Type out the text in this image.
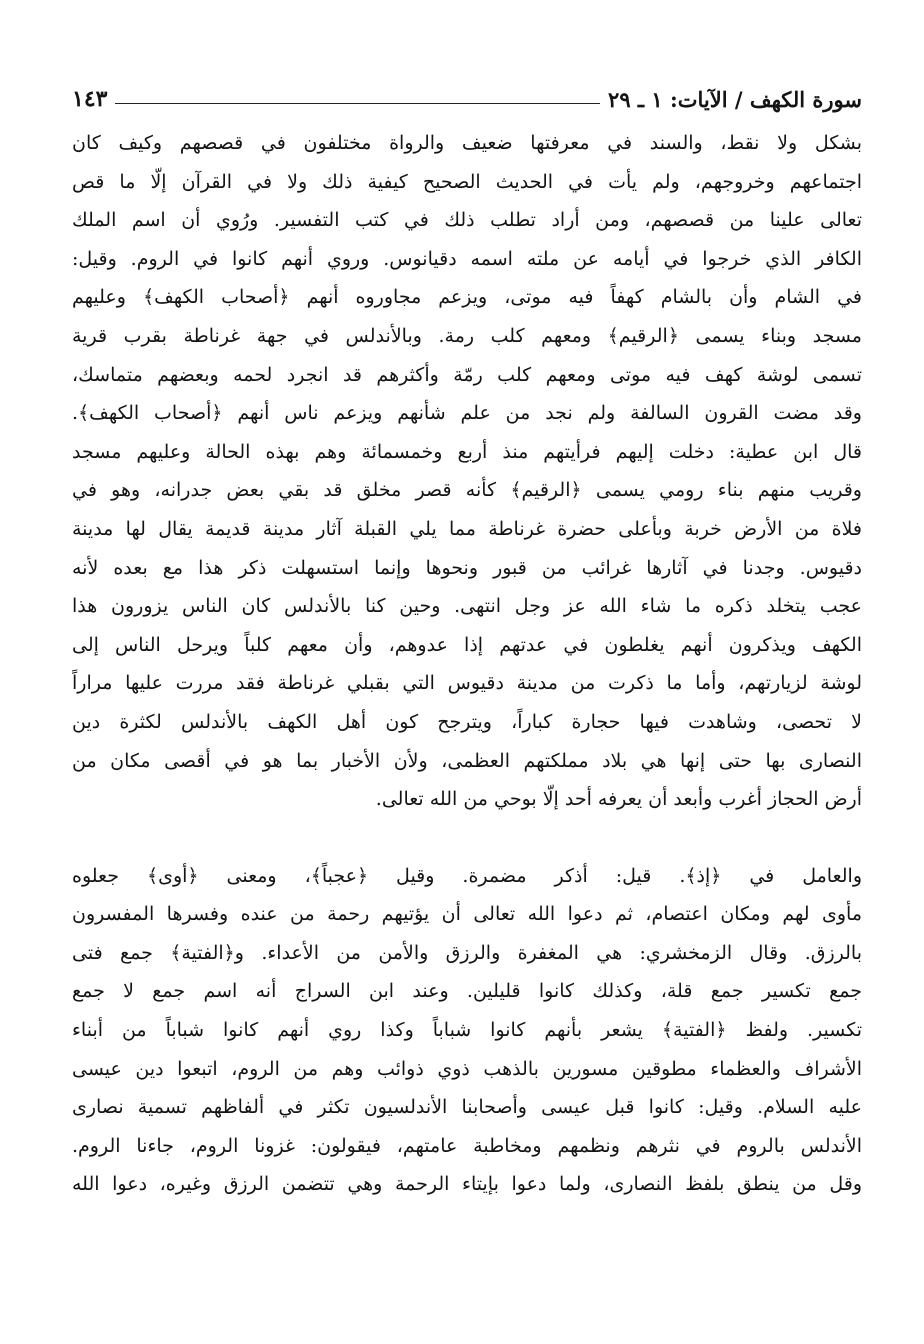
سورة الكهف / الآيات: ١ ـ ٢٩
١٤٣
بشكل ولا نقط، والسند في معرفتها ضعيف والرواة مختلفون في قصصهم وكيف كان
اجتماعهم وخروجهم، ولم يأت في الحديث الصحيح كيفية ذلك ولا في القرآن إلّا ما قص
تعالى علينا من قصصهم، ومن أراد تطلب ذلك في كتب التفسير. ورُوي أن اسم الملك
الكافر الذي خرجوا في أيامه عن ملته اسمه دقيانوس. وروي أنهم كانوا في الروم. وقيل:
في الشام وأن بالشام كهفاً فيه موتى، ويزعم مجاوروه أنهم ﴿أصحاب الكهف﴾ وعليهم
مسجد وبناء يسمى ﴿الرقيم﴾ ومعهم كلب رمة. وبالأندلس في جهة غرناطة بقرب قرية
تسمى لوشة كهف فيه موتى ومعهم كلب رمّة وأكثرهم قد انجرد لحمه وبعضهم متماسك،
وقد مضت القرون السالفة ولم نجد من علم شأنهم ويزعم ناس أنهم ﴿أصحاب الكهف﴾.
قال ابن عطية: دخلت إليهم فرأيتهم منذ أربع وخمسمائة وهم بهذه الحالة وعليهم مسجد
وقريب منهم بناء رومي يسمى ﴿الرقيم﴾ كأنه قصر مخلق قد بقي بعض جدرانه، وهو في
فلاة من الأرض خربة وبأعلى حضرة غرناطة مما يلي القبلة آثار مدينة قديمة يقال لها مدينة
دقيوس. وجدنا في آثارها غرائب من قبور ونحوها وإنما استسهلت ذكر هذا مع بعده لأنه
عجب يتخلد ذكره ما شاء الله عز وجل انتهى. وحين كنا بالأندلس كان الناس يزورون هذا
الكهف ويذكرون أنهم يغلطون في عدتهم إذا عدوهم، وأن معهم كلباً ويرحل الناس إلى
لوشة لزيارتهم، وأما ما ذكرت من مدينة دقيوس التي بقبلي غرناطة فقد مررت عليها مراراً
لا تحصى، وشاهدت فيها حجارة كباراً، ويترجح كون أهل الكهف بالأندلس لكثرة دين
النصارى بها حتى إنها هي بلاد مملكتهم العظمى، ولأن الأخبار بما هو في أقصى مكان من
أرض الحجاز أغرب وأبعد أن يعرفه أحد إلّا بوحي من الله تعالى.
والعامل في ﴿إذ﴾. قيل: أذكر مضمرة. وقيل ﴿عجباً﴾، ومعنى ﴿أوى﴾ جعلوه
مأوى لهم ومكان اعتصام، ثم دعوا الله تعالى أن يؤتيهم رحمة من عنده وفسرها المفسرون
بالرزق. وقال الزمخشري: هي المغفرة والرزق والأمن من الأعداء. و﴿الفتية﴾ جمع فتى
جمع تكسير جمع قلة، وكذلك كانوا قليلين. وعند ابن السراج أنه اسم جمع لا جمع
تكسير. ولفظ ﴿الفتية﴾ يشعر بأنهم كانوا شباباً وكذا روي أنهم كانوا شباباً من أبناء
الأشراف والعظماء مطوقين مسورين بالذهب ذوي ذوائب وهم من الروم، اتبعوا دين عيسى
عليه السلام. وقيل: كانوا قبل عيسى وأصحابنا الأندلسيون تكثر في ألفاظهم تسمية نصارى
الأندلس بالروم في نثرهم ونظمهم ومخاطبة عامتهم، فيقولون: غزونا الروم، جاءنا الروم.
وقل من ينطق بلفظ النصارى، ولما دعوا بإيتاء الرحمة وهي تتضمن الرزق وغيره، دعوا الله
